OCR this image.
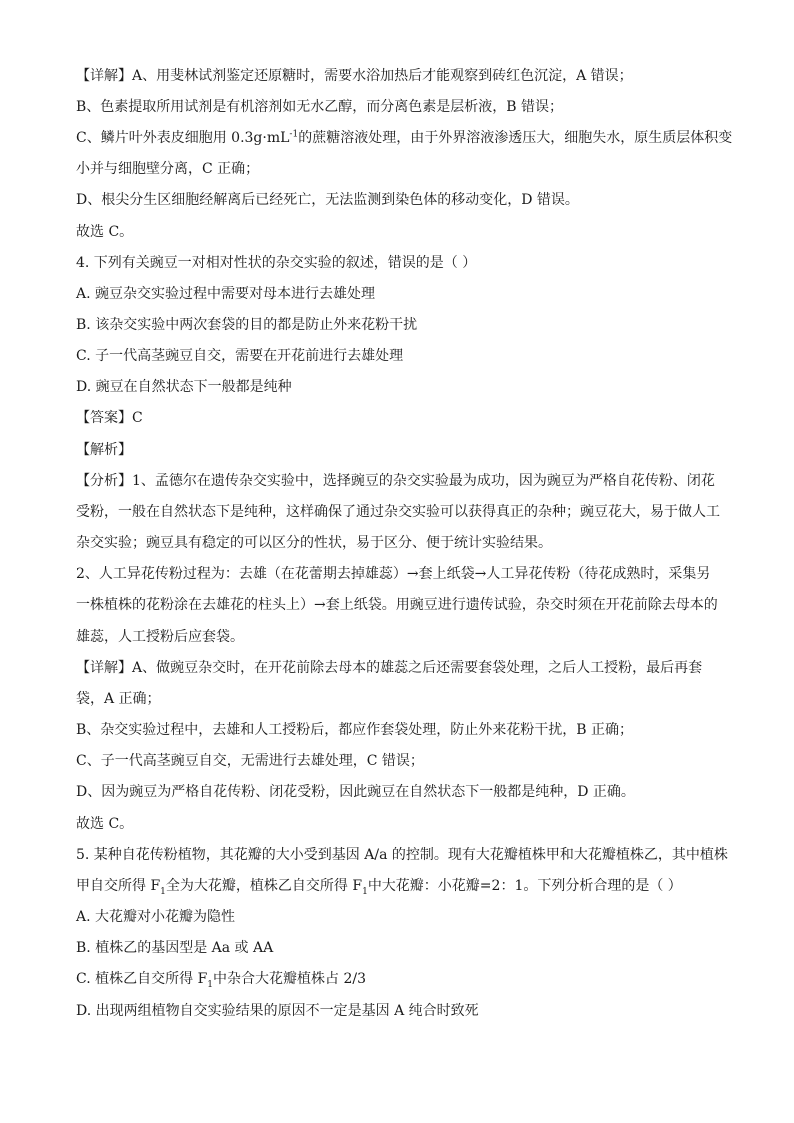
【详解】A、用斐林试剂鉴定还原糖时，需要水浴加热后才能观察到砖红色沉淀，A 错误；
B、色素提取所用试剂是有机溶剂如无水乙醇，而分离色素是层析液，B 错误；
C、鳞片叶外表皮细胞用 $0.3g\cdot mL^{-1}$的蔗糖溶液处理，由于外界溶液渗透压大，细胞失水，原生质层体积变
小并与细胞壁分离，C 正确；
D、根尖分生区细胞经解离后已经死亡，无法监测到染色体的移动变化，D 错误。
故选 C。
4. 下列有关豌豆一对相对性状的杂交实验的叙述，错误的是（ ）
A. 豌豆杂交实验过程中需要对母本进行去雄处理
B. 该杂交实验中两次套袋的目的都是防止外来花粉干扰
C. 子一代高茎豌豆自交，需要在开花前进行去雄处理
D. 豌豆在自然状态下一般都是纯种
【答案】C
【解析】
【分析】1、孟德尔在遗传杂交实验中，选择豌豆的杂交实验最为成功，因为豌豆为严格自花传粉、闭花
受粉，一般在自然状态下是纯种，这样确保了通过杂交实验可以获得真正的杂种；豌豆花大，易于做人工
杂交实验；豌豆具有稳定的可以区分的性状，易于区分、便于统计实验结果。
2、人工异花传粉过程为：去雄（在花蕾期去掉雄蕊）→套上纸袋→人工异花传粉（待花成熟时，采集另
一株植株的花粉涂在去雄花的柱头上）→套上纸袋。用豌豆进行遗传试验，杂交时须在开花前除去母本的
雄蕊，人工授粉后应套袋。
【详解】A、做豌豆杂交时，在开花前除去母本的雄蕊之后还需要套袋处理，之后人工授粉，最后再套
袋，A 正确；
B、杂交实验过程中，去雄和人工授粉后，都应作套袋处理，防止外来花粉干扰，B 正确；
C、子一代高茎豌豆自交，无需进行去雄处理，C 错误；
D、因为豌豆为严格自花传粉、闭花受粉，因此豌豆在自然状态下一般都是纯种，D 正确。
故选 C。
5. 某种自花传粉植物，其花瓣的大小受到基因 A/a 的控制。现有大花瓣植株甲和大花瓣植株乙，其中植株
甲自交所得 $F_1$全为大花瓣，植株乙自交所得 $F_1$中大花瓣：小花瓣=2：1。下列分析合理的是（ ）
A. 大花瓣对小花瓣为隐性
B. 植株乙的基因型是 Aa 或 AA
C. 植株乙自交所得 $F_1$中杂合大花瓣植株占 2/3
D. 出现两组植物自交实验结果的原因不一定是基因 A 纯合时致死
